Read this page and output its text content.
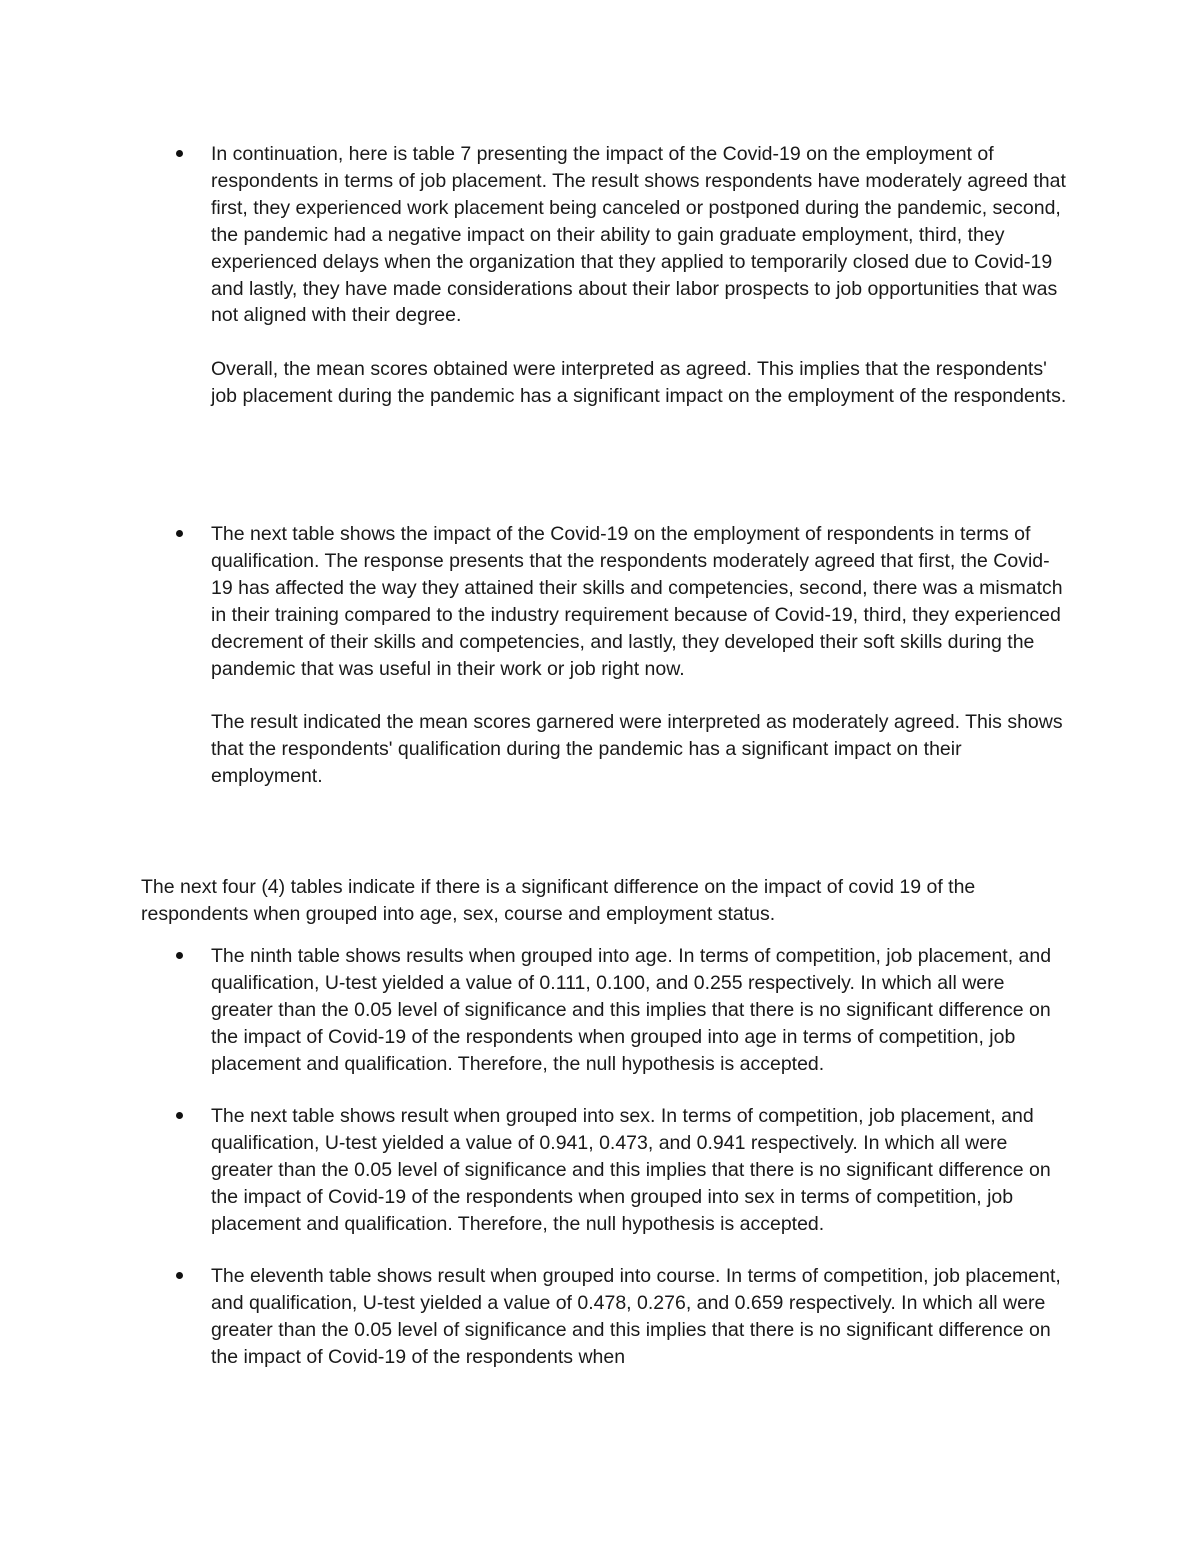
In continuation, here is table 7 presenting the impact of the Covid-19 on the employment of respondents in terms of job placement. The result shows respondents have moderately agreed that first, they experienced work placement being canceled or postponed during the pandemic, second, the pandemic had a negative impact on their ability to gain graduate employment, third, they experienced delays when the organization that they applied to temporarily closed due to Covid-19 and lastly, they have made considerations about their labor prospects to job opportunities that was not aligned with their degree.

Overall, the mean scores obtained were interpreted as agreed. This implies that the respondents' job placement during the pandemic has a significant impact on the employment of the respondents.

The next table shows the impact of the Covid-19 on the employment of respondents in terms of qualification. The response presents that the respondents moderately agreed that first, the Covid-19 has affected the way they attained their skills and competencies, second, there was a mismatch in their training compared to the industry requirement because of Covid-19, third, they experienced decrement of their skills and competencies, and lastly, they developed their soft skills during the pandemic that was useful in their work or job right now.

The result indicated the mean scores garnered were interpreted as moderately agreed. This shows that the respondents' qualification during the pandemic has a significant impact on their employment.

The next four (4) tables indicate if there is a significant difference on the impact of covid 19 of the respondents when grouped into age, sex, course and employment status.

The ninth table shows results when grouped into age. In terms of competition, job placement, and qualification, U-test yielded a value of 0.111, 0.100, and 0.255 respectively. In which all were greater than the 0.05 level of significance and this implies that there is no significant difference on the impact of Covid-19 of the respondents when grouped into age in terms of competition, job placement and qualification. Therefore, the null hypothesis is accepted.

The next table shows result when grouped into sex. In terms of competition, job placement, and qualification, U-test yielded a value of 0.941, 0.473, and 0.941 respectively. In which all were greater than the 0.05 level of significance and this implies that there is no significant difference on the impact of Covid-19 of the respondents when grouped into sex in terms of competition, job placement and qualification. Therefore, the null hypothesis is accepted.

The eleventh table shows result when grouped into course. In terms of competition, job placement, and qualification, U-test yielded a value of 0.478, 0.276, and 0.659 respectively. In which all were greater than the 0.05 level of significance and this implies that there is no significant difference on the impact of Covid-19 of the respondents when
